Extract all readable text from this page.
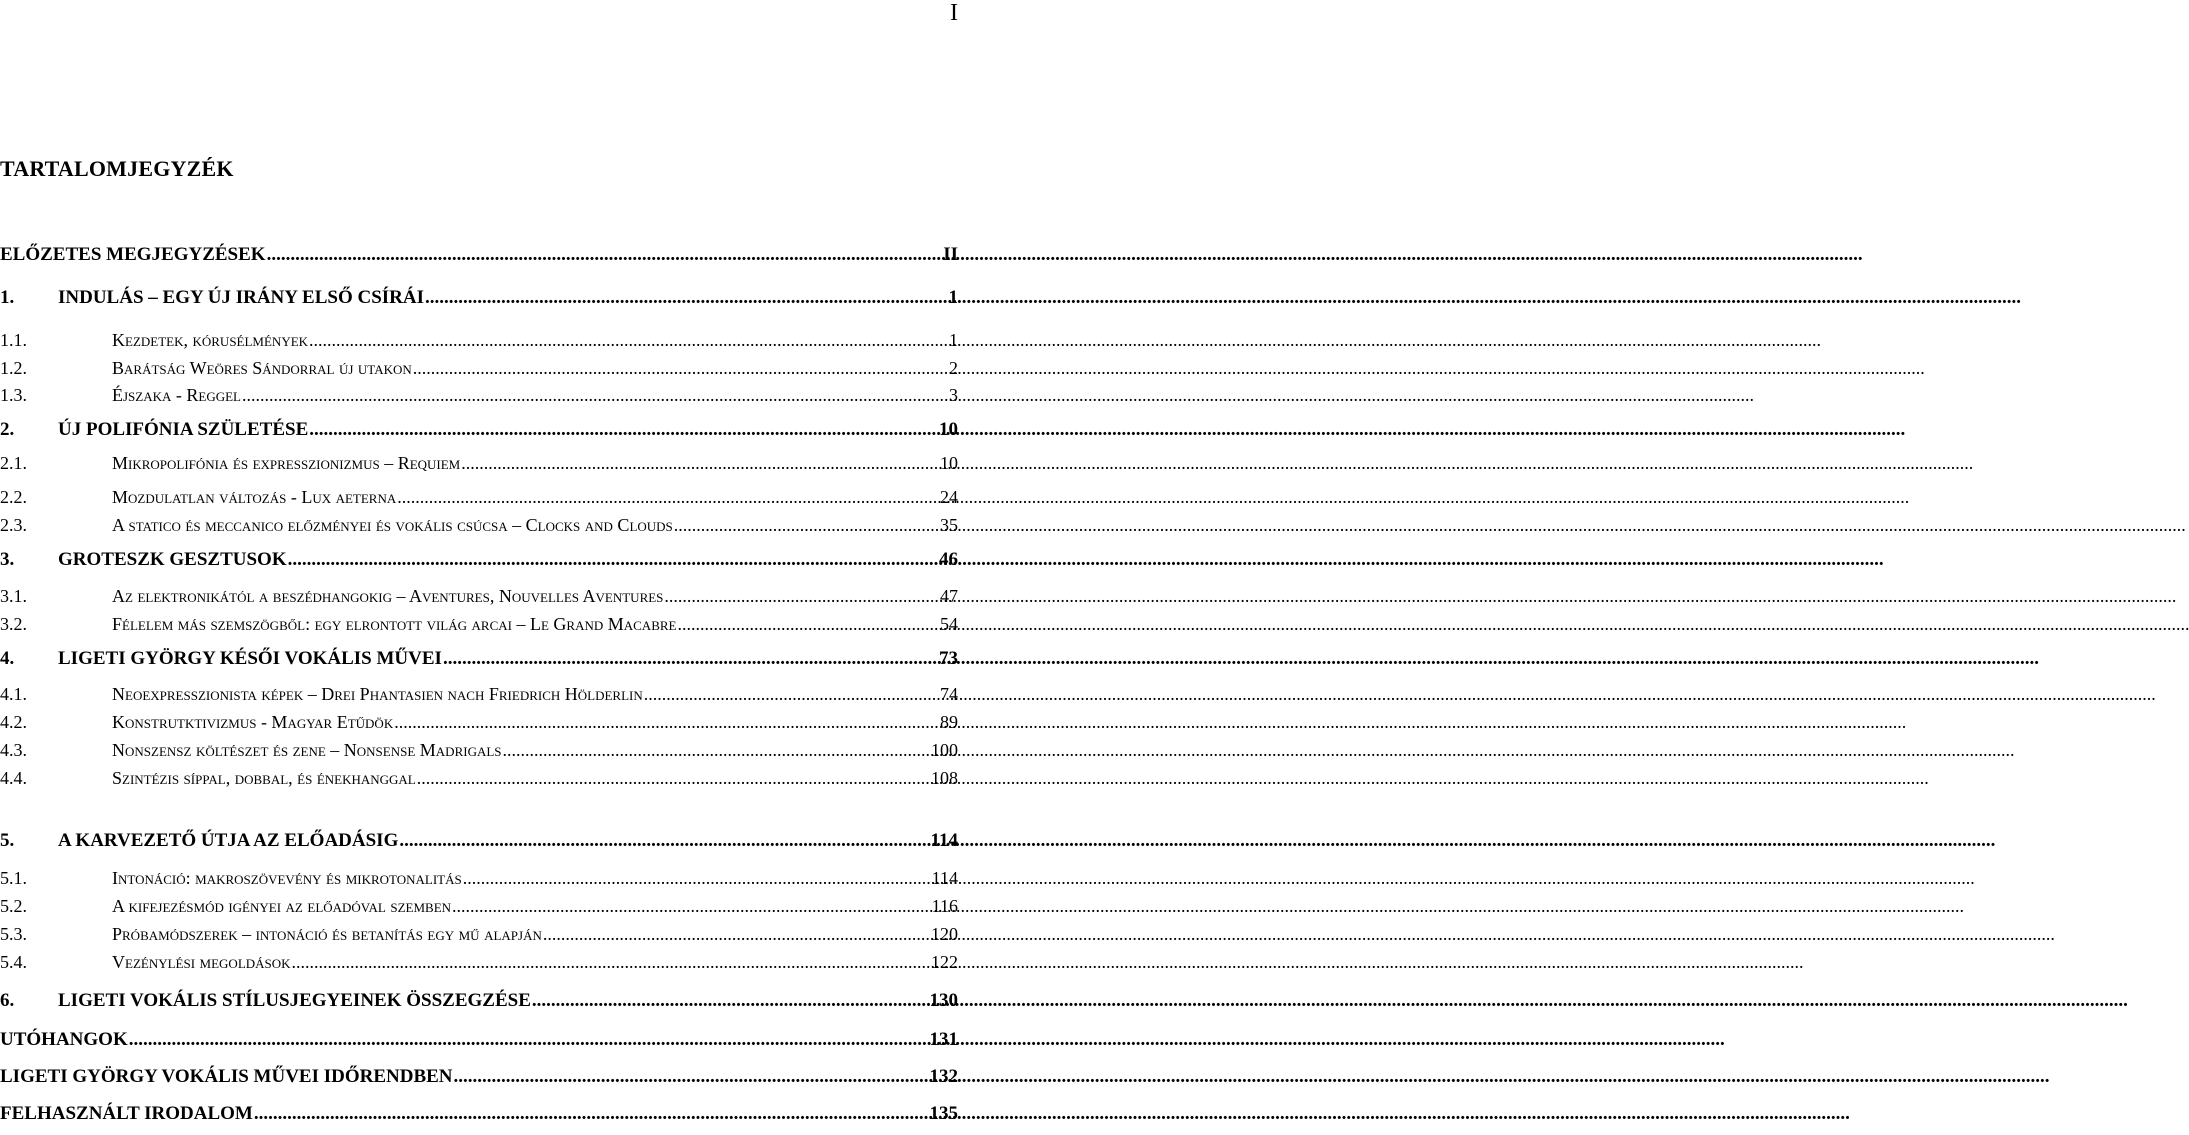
I
TARTALOMJEGYZÉK
ELŐZETES MEGJEGYZÉSEK .....	II
1.	INDULÁS – EGY ÚJ IRÁNY ELSŐ CSÍRÁI .....	1
1.1.	Kezdetek, kórusélmények .....	1
1.2.	Barátság Weöres Sándorral új utakon .....	2
1.3.	Éjszaka - Reggel .....	3
2.	ÚJ POLIFÓNIA SZÜLETÉSE .....	10
2.1.	Mikropolifónia és expresszionizmus – Requiem .....	10
2.2.	Mozdulatlan változás - Lux aeterna .....	24
2.3.	A statico és meccanico előzményei és vokális csúcsa – Clocks and Clouds .....	35
3.	GROTESZK GESZTUSOK .....	46
3.1.	Az elektronikától a beszédhangokig – Aventures, Nouvelles Aventures .....	47
3.2.	Félelem más szemszögből: egy elrontott világ arcai – Le Grand Macabre .....	54
4.	LIGETI GYÖRGY KÉSŐI VOKÁLIS MŰVEI .....	73
4.1.	Neoexpresszionista képek – Drei Phantasien nach Friedrich Hölderlin .....	74
4.2.	Konstrutktivizmus - Magyar Etűdök .....	89
4.3.	Nonszensz költészet és zene – Nonsense Madrigals .....	100
4.4.	Szintézis síppal, dobbal, és énekhanggal .....	108
5.	A KARVEZETŐ ÚTJA AZ ELŐADÁSIG .....	114
5.1.	Intonáció: makroszövevény és mikrotonalitás .....	114
5.2.	A kifejezésmód igényei az előadóval szemben .....	116
5.3.	Próbamódszerek – intonáció és betanítás egy mű alapján .....	120
5.4.	Vezénylési megoldások .....	122
6.	LIGETI VOKÁLIS STÍLUSJEGYEINEK ÖSSZEGZÉSE .....	130
UTÓHANGOK .....	131
LIGETI GYÖRGY VOKÁLIS MŰVEI IDŐRENDBEN .....	132
FELHASZNÁLT IRODALOM .....	135
